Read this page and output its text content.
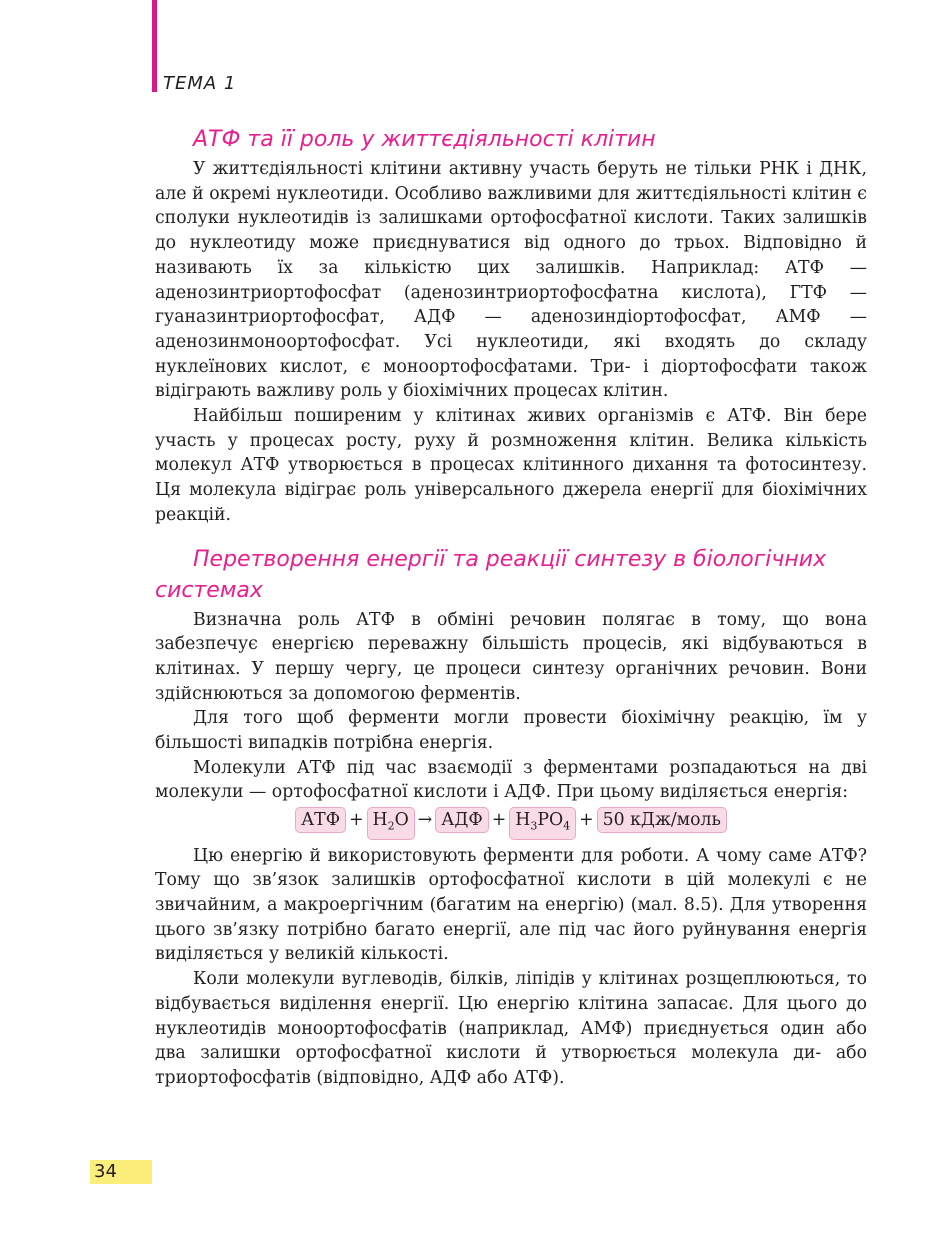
ТЕМА 1
АТФ та її роль у життєдіяльності клітин

У життєдіяльності клітини активну участь беруть не тільки РНК і ДНК, але й окремі нуклеотиди. Особливо важливими для життєдіяльності клітин є сполуки нуклеотидів із залишками ортофосфатної кислоти. Таких залишків до нуклеотиду може приєднуватися від одного до трьох. Відповідно й називають їх за кількістю цих залишків. Наприклад: АТФ — аденозинтриортофосфат (аденозинтриортофосфатна кислота), ГТФ — гуаназинтриортофосфат, АДФ — аденозиндіортофосфат, АМФ — аденозинмоноортофосфат. Усі нуклеотиди, які входять до складу нуклеїнових кислот, є моноортофосфатами. Три- і діортофосфати також відіграють важливу роль у біохімічних процесах клітин.

Найбільш поширеним у клітинах живих організмів є АТФ. Він бере участь у процесах росту, руху й розмноження клітин. Велика кількість молекул АТФ утворюється в процесах клітинного дихання та фотосинтезу. Ця молекула відіграє роль універсального джерела енергії для біохімічних реакцій.

Перетворення енергії та реакції синтезу в біологічних
системах

Визначна роль АТФ в обміні речовин полягає в тому, що вона забезпечує енергією переважну більшість процесів, які відбуваються в клітинах. У першу чергу, це процеси синтезу органічних речовин. Вони здійснюються за допомогою ферментів.

Для того щоб ферменти могли провести біохімічну реакцію, їм у більшості випадків потрібна енергія.

Молекули АТФ під час взаємодії з ферментами розпадаються на дві молекули — ортофосфатної кислоти і АДФ. При цьому виділяється енергія:

АТФ + $H_2O$ → АДФ + $H_3PO_4 + 50$ кДж/моль

Цю енергію й використовують ферменти для роботи. А чому саме АТФ? Тому що зв’язок залишків ортофосфатної кислоти в цій молекулі є не звичайним, а макроергічним (багатим на енергію) (мал. 8.5). Для утворення цього зв’язку потрібно багато енергії, але під час його руйнування енергія виділяється у великій кількості.

Коли молекули вуглеводів, білків, ліпідів у клітинах розщеплюються, то відбувається виділення енергії. Цю енергію клітина запасає. Для цього до нуклеотидів моноортофосфатів (наприклад, АМФ) приєднується один або два залишки ортофосфатної кислоти й утворюється молекула ди- або триортофосфатів (відповідно, АДФ або АТФ).

34
